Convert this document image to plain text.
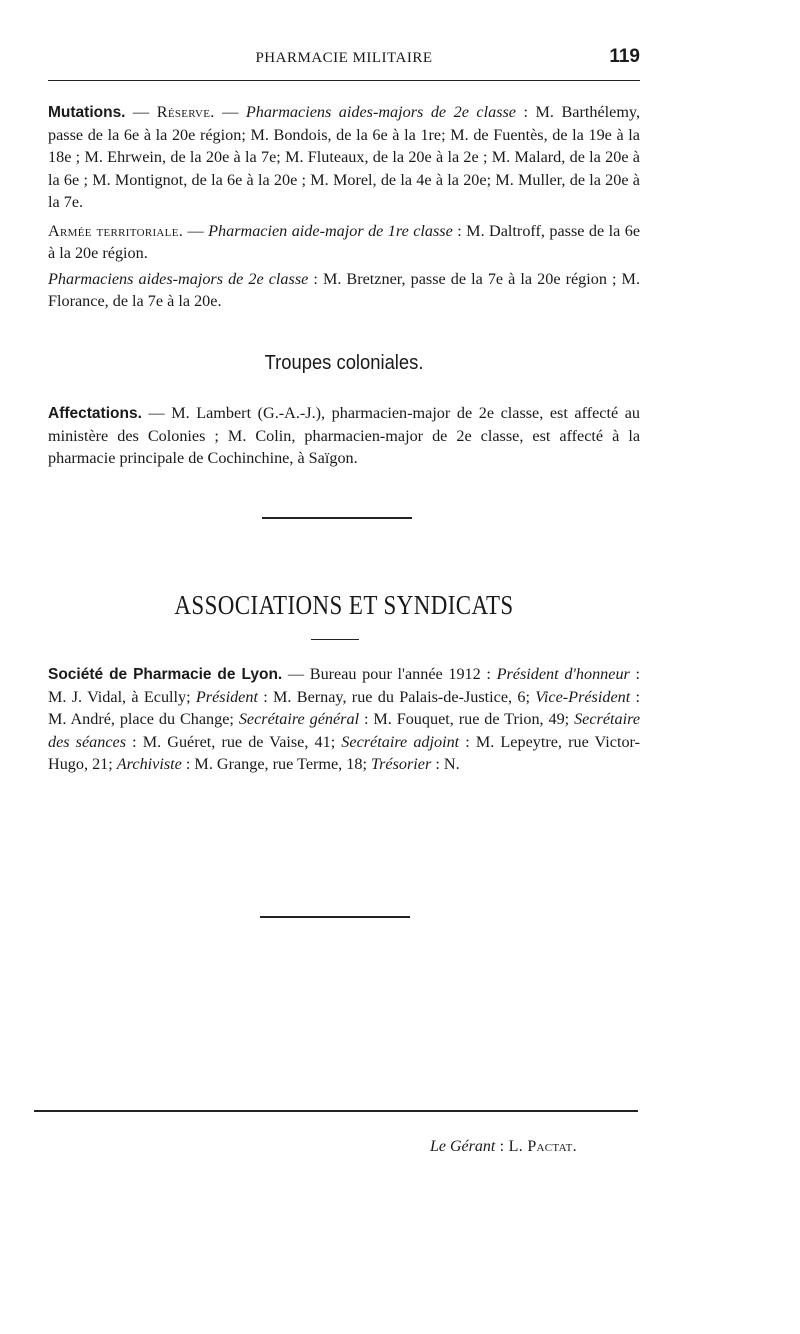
PHARMACIE MILITAIRE	119

Mutations. — Réserve. — Pharmaciens aides-majors de 2e classe : M. Barthélemy, passe de la 6e à la 20e région; M. Bondois, de la 6e à la 1re; M. de Fuentès, de la 19e à la 18e ; M. Ehrwein, de la 20e à la 7e; M. Fluteaux, de la 20e à la 2e ; M. Malard, de la 20e à la 6e ; M. Montignot, de la 6e à la 20e ; M. Morel, de la 4e à la 20e; M. Muller, de la 20e à la 7e.

Armée territoriale. — Pharmacien aide-major de 1re classe : M. Daltroff, passe de la 6e à la 20e région.

Pharmaciens aides-majors de 2e classe : M. Bretzner, passe de la 7e à la 20e région ; M. Florance, de la 7e à la 20e.

Troupes coloniales.

Affectations. — M. Lambert (G.-A.-J.), pharmacien-major de 2e classe, est affecté au ministère des Colonies ; M. Colin, pharmacien-major de 2e classe, est affecté à la pharmacie principale de Cochinchine, à Saïgon.

ASSOCIATIONS ET SYNDICATS

Société de Pharmacie de Lyon. — Bureau pour l'année 1912 : Président d'honneur : M. J. Vidal, à Ecully; Président : M. Bernay, rue du Palais-de-Justice, 6; Vice-Président : M. André, place du Change; Secrétaire général : M. Fouquet, rue de Trion, 49; Secrétaire des séances : M. Guéret, rue de Vaise, 41; Secrétaire adjoint : M. Lepeytre, rue Victor-Hugo, 21; Archiviste : M. Grange, rue Terme, 18; Trésorier : N.

Le Gérant : L. Pactat.
